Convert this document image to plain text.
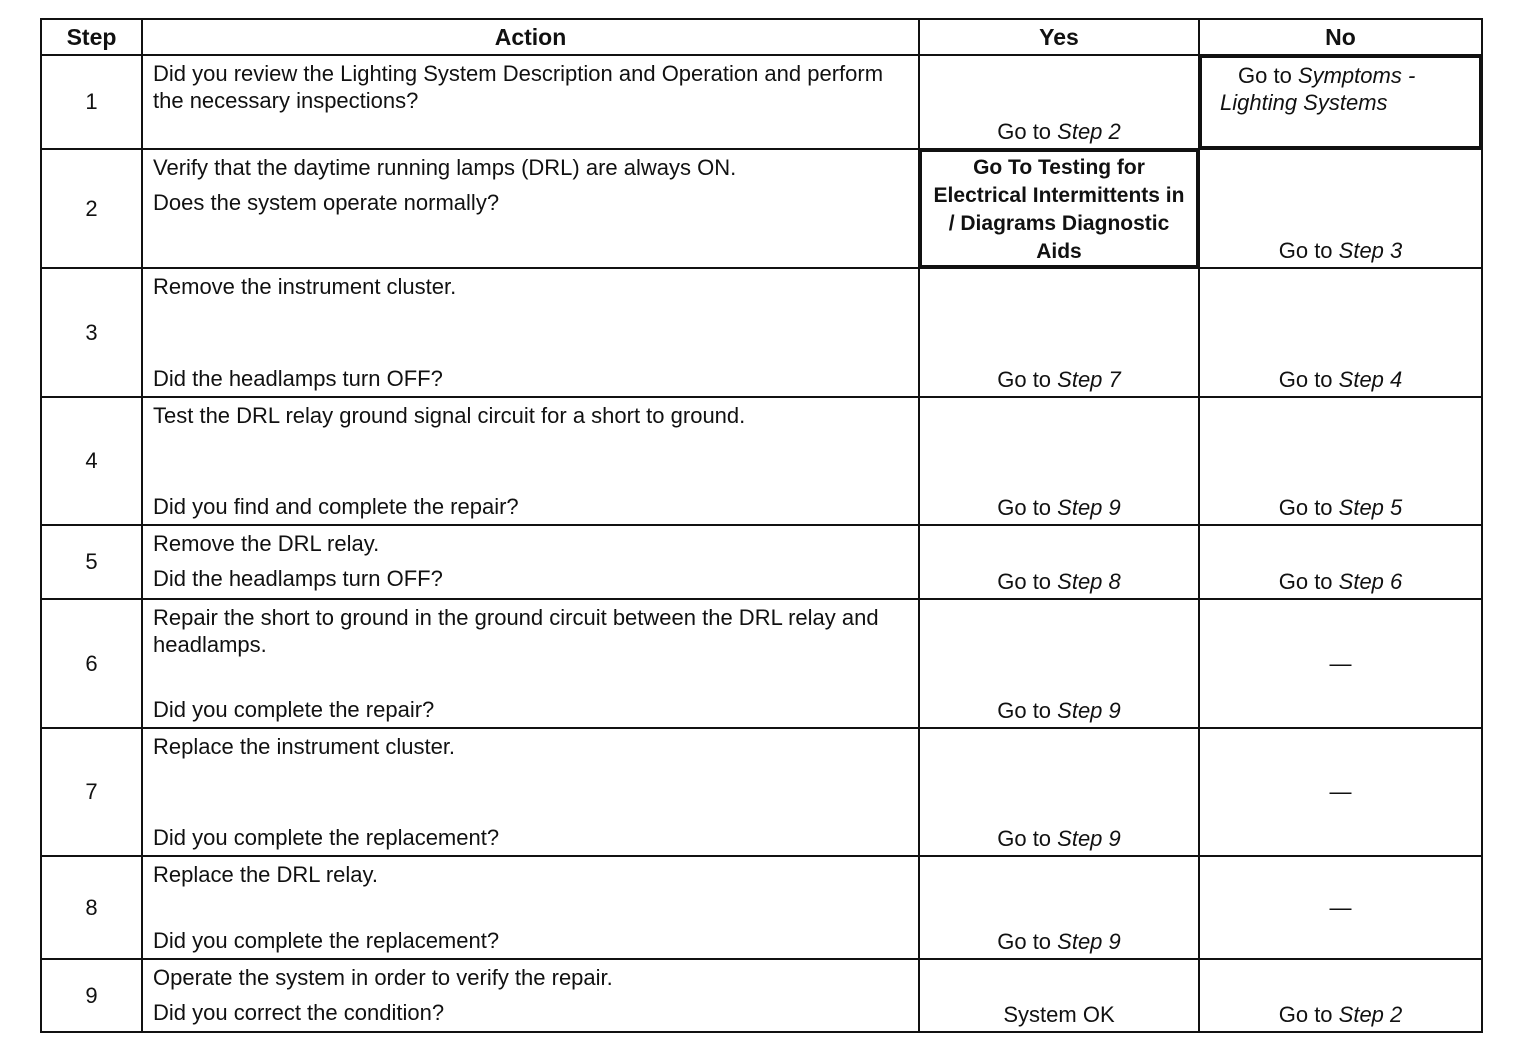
Step	Action	Yes	No
1	Did you review the Lighting System Description and Operation and perform the necessary inspections?	Go to Step 2	Go to Symptoms - Lighting Systems

2	Verify that the daytime running lamps (DRL) are always ON.
Does the system operate normally?	Go To Testing for Electrical Intermittents in / Diagrams Diagnostic Aids	Go to Step 3

3	Remove the instrument cluster.
Did the headlamps turn OFF?	Go to Step 7	Go to Step 4

4	Test the DRL relay ground signal circuit for a short to ground.
Did you find and complete the repair?	Go to Step 9	Go to Step 5

5	Remove the DRL relay.
Did the headlamps turn OFF?	Go to Step 8	Go to Step 6

6	Repair the short to ground in the ground circuit between the DRL relay and headlamps.
Did you complete the repair?	Go to Step 9	—

7	Replace the instrument cluster.
Did you complete the replacement?	Go to Step 9	—

8	Replace the DRL relay.
Did you complete the replacement?	Go to Step 9	—

9	Operate the system in order to verify the repair.
Did you correct the condition?	System OK	Go to Step 2
